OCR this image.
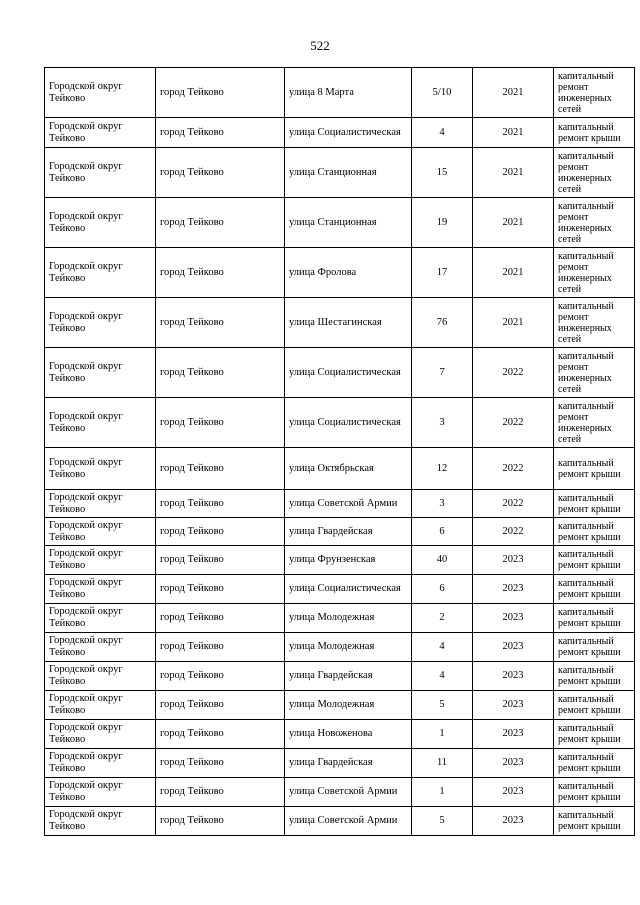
522
Городской округ Тейково	город Тейково	улица 8 Марта	5/10	2021	капитальный ремонт инженерных сетей
Городской округ Тейково	город Тейково	улица Социалистическая	4	2021	капитальный ремонт крыши
Городской округ Тейково	город Тейково	улица Станционная	15	2021	капитальный ремонт инженерных сетей
Городской округ Тейково	город Тейково	улица Станционная	19	2021	капитальный ремонт инженерных сетей
Городской округ Тейково	город Тейково	улица Фролова	17	2021	капитальный ремонт инженерных сетей
Городской округ Тейково	город Тейково	улица Шестагинская	76	2021	капитальный ремонт инженерных сетей
Городской округ Тейково	город Тейково	улица Социалистическая	7	2022	капитальный ремонт инженерных сетей
Городской округ Тейково	город Тейково	улица Социалистическая	3	2022	капитальный ремонт инженерных сетей
Городской округ Тейково	город Тейково	улица Октябрьская	12	2022	капитальный ремонт крыши
Городской округ Тейково	город Тейково	улица Советской Армии	3	2022	капитальный ремонт крыши
Городской округ Тейково	город Тейково	улица Гвардейская	6	2022	капитальный ремонт крыши
Городской округ Тейково	город Тейково	улица Фрунзенская	40	2023	капитальный ремонт крыши
Городской округ Тейково	город Тейково	улица Социалистическая	6	2023	капитальный ремонт крыши
Городской округ Тейково	город Тейково	улица Молодежная	2	2023	капитальный ремонт крыши
Городской округ Тейково	город Тейково	улица Молодежная	4	2023	капитальный ремонт крыши
Городской округ Тейково	город Тейково	улица Гвардейская	4	2023	капитальный ремонт крыши
Городской округ Тейково	город Тейково	улица Молодежная	5	2023	капитальный ремонт крыши
Городской округ Тейково	город Тейково	улица Новоженова	1	2023	капитальный ремонт крыши
Городской округ Тейково	город Тейково	улица Гвардейская	11	2023	капитальный ремонт крыши
Городской округ Тейково	город Тейково	улица Советской Армии	1	2023	капитальный ремонт крыши
Городской округ Тейково	город Тейково	улица Советской Армии	5	2023	капитальный ремонт крыши
